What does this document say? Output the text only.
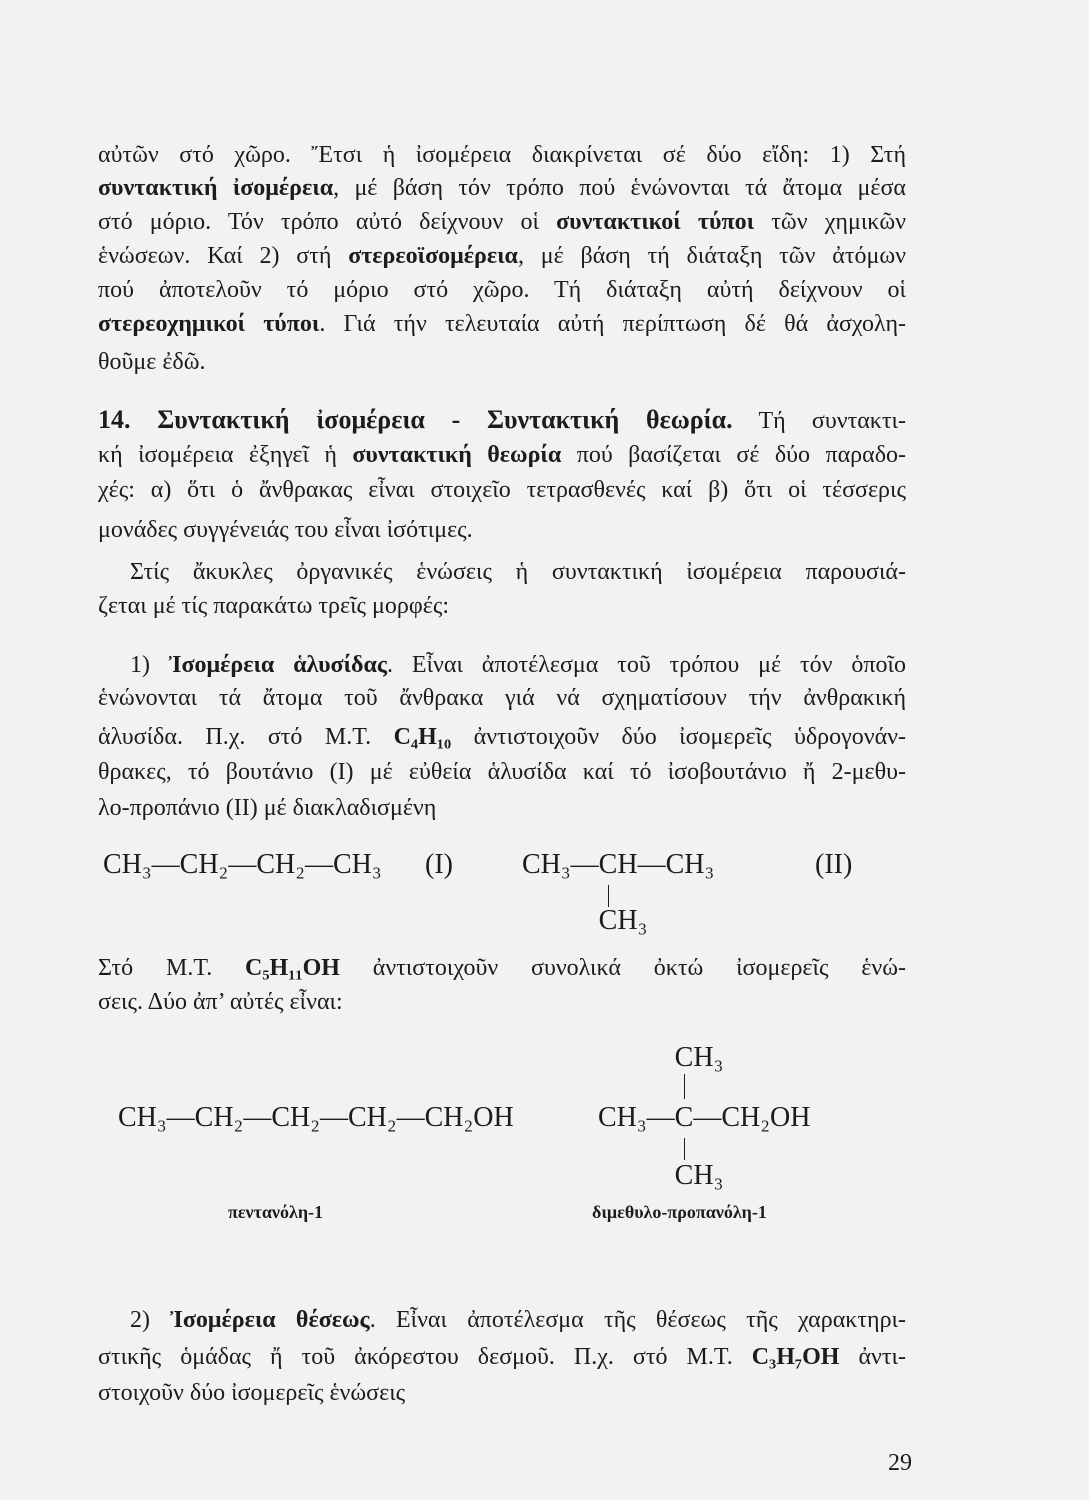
αὐτῶν στό χῶρο. Ἔτσι ἡ ἰσομέρεια διακρίνεται σέ δύο εἴδη: 1) Στή
συντακτική ἰσομέρεια, μέ βάση τόν τρόπο πού ἑνώνονται τά ἄτομα μέσα
στό μόριο. Τόν τρόπο αὐτό δείχνουν οἱ συντακτικοί τύποι τῶν χημικῶν
ἑνώσεων. Καί 2) στή στερεοϊσομέρεια, μέ βάση τή διάταξη τῶν ἀτόμων
πού ἀποτελοῦν τό μόριο στό χῶρο. Τή διάταξη αὐτή δείχνουν οἱ
στερεοχημικοί τύποι. Γιά τήν τελευταία αὐτή περίπτωση δέ θά ἀσχολη-
θοῦμε ἐδῶ.
14. Συντακτική ἰσομέρεια - Συντακτική θεωρία. Τή συντακτι-
κή ἰσομέρεια ἐξηγεῖ ἡ συντακτική θεωρία πού βασίζεται σέ δύο παραδο-
χές: α) ὅτι ὁ ἄνθρακας εἶναι στοιχεῖο τετρασθενές καί β) ὅτι οἱ τέσσερις
μονάδες συγγένειάς του εἶναι ἰσότιμες.
Στίς ἄκυκλες ὀργανικές ἑνώσεις ἡ συντακτική ἰσομέρεια παρουσιά-
ζεται μέ τίς παρακάτω τρεῖς μορφές:
1) Ἰσομέρεια ἁλυσίδας. Εἶναι ἀποτέλεσμα τοῦ τρόπου μέ τόν ὁποῖο
ἑνώνονται τά ἄτομα τοῦ ἄνθρακα γιά νά σχηματίσουν τήν ἀνθρακική
ἁλυσίδα. Π.χ. στό Μ.Τ. C₄H₁₀ ἀντιστοιχοῦν δύο ἰσομερεῖς ὑδρογονάν-
θρακες, τό βουτάνιο (I) μέ εὐθεία ἁλυσίδα καί τό ἰσοβουτάνιο ἤ 2-μεθυ-
λο-προπάνιο (II) μέ διακλαδισμένη
CH₃—CH₂—CH₂—CH₃ (I) CH₃—CH
CH₃
—CH₃	(II)
Στό Μ.Τ. C₅H₁₁OH ἀντιστοιχοῦν συνολικά ὀκτώ ἰσομερεῖς ἑνώ-
σεις. Δύο ἀπ’ αὐτές εἶναι:
CH₃—CH₂—CH₂—CH₂—CH₂OH	CH₃—
CH₃
C
CH₃
—CH₂OH
πεντανόλη-1	διμεθυλο-προπανόλη-1
2) Ἰσομέρεια θέσεως. Εἶναι ἀποτέλεσμα τῆς θέσεως τῆς χαρακτηρι-
στικῆς ὁμάδας ἤ τοῦ ἀκόρεστου δεσμοῦ. Π.χ. στό Μ.Τ. C₃H₇OH ἀντι-
στοιχοῦν δύο ἰσομερεῖς ἑνώσεις
29
